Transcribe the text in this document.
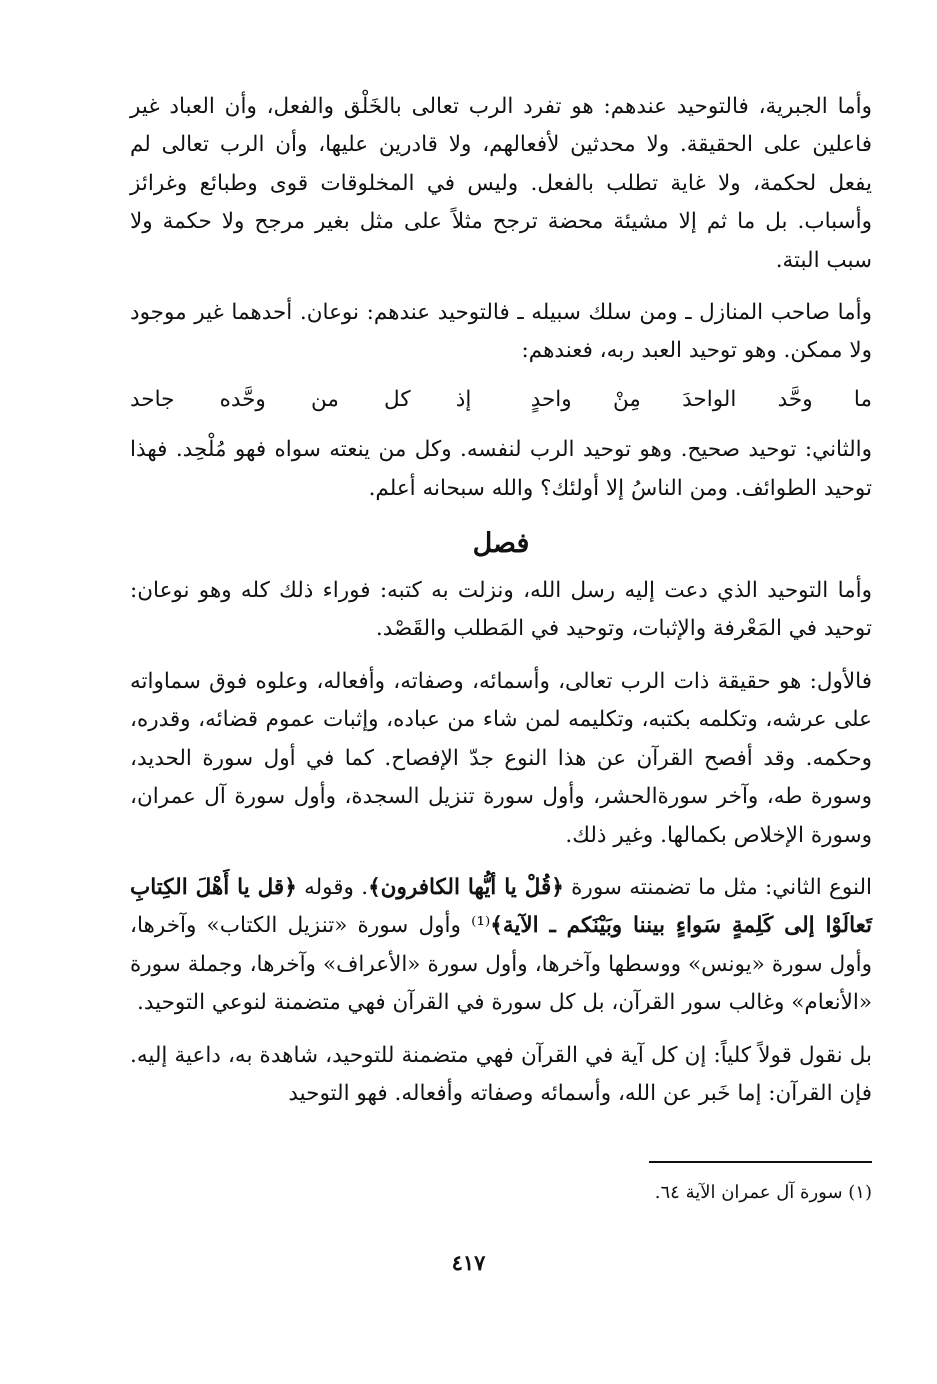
وأما الجبرية، فالتوحيد عندهم: هو تفرد الرب تعالى بالخَلْق والفعل، وأن العباد غير فاعلين على الحقيقة. ولا محدثين لأفعالهم، ولا قادرين عليها، وأن الرب تعالى لم يفعل لحكمة، ولا غاية تطلب بالفعل. وليس في المخلوقات قوى وطبائع وغرائز وأسباب. بل ما ثم إلا مشيئة محضة ترجح مثلاً على مثل بغير مرجح ولا حكمة ولا سبب البتة.

وأما صاحب المنازل ـ ومن سلك سبيله ـ فالتوحيد عندهم: نوعان. أحدهما غير موجود ولا ممكن. وهو توحيد العبد ربه، فعندهم:

ما وحَّد الواحدَ مِنْ واحدٍ
إذ كل من وحَّده جاحد

والثاني: توحيد صحيح. وهو توحيد الرب لنفسه. وكل من ينعته سواه فهو مُلْحِد. فهذا توحيد الطوائف. ومن الناسُ إلا أولئك؟ والله سبحانه أعلم.

فصل

وأما التوحيد الذي دعت إليه رسل الله، ونزلت به كتبه: فوراء ذلك كله وهو نوعان: توحيد في المَعْرفة والإثبات، وتوحيد في المَطلب والقَصْد.

فالأول: هو حقيقة ذات الرب تعالى، وأسمائه، وصفاته، وأفعاله، وعلوه فوق سماواته على عرشه، وتكلمه بكتبه، وتكليمه لمن شاء من عباده، وإثبات عموم قضائه، وقدره، وحكمه. وقد أفصح القرآن عن هذا النوع جدّ الإفصاح. كما في أول سورة الحديد، وسورة طه، وآخر سورةالحشر، وأول سورة تنزيل السجدة، وأول سورة آل عمران، وسورة الإخلاص بكمالها. وغير ذلك.

النوع الثاني: مثل ما تضمنته سورة ﴿قُلْ يا أيُّها الكافرون﴾. وقوله ﴿قل يا أَهْلَ الكِتابِ تَعالَوْا إلى كَلِمةٍ سَواءٍ بيننا وبَيْنَكم ـ الآية﴾⁽¹⁾ وأول سورة «تنزيل الكتاب» وآخرها، وأول سورة «يونس» ووسطها وآخرها، وأول سورة «الأعراف» وآخرها، وجملة سورة «الأنعام» وغالب سور القرآن، بل كل سورة في القرآن فهي متضمنة لنوعي التوحيد.

بل نقول قولاً كلياً: إن كل آية في القرآن فهي متضمنة للتوحيد، شاهدة به، داعية إليه. فإن القرآن: إما خَبر عن الله، وأسمائه وصفاته وأفعاله. فهو التوحيد

(١) سورة آل عمران الآية ٦٤.
٤١٧
